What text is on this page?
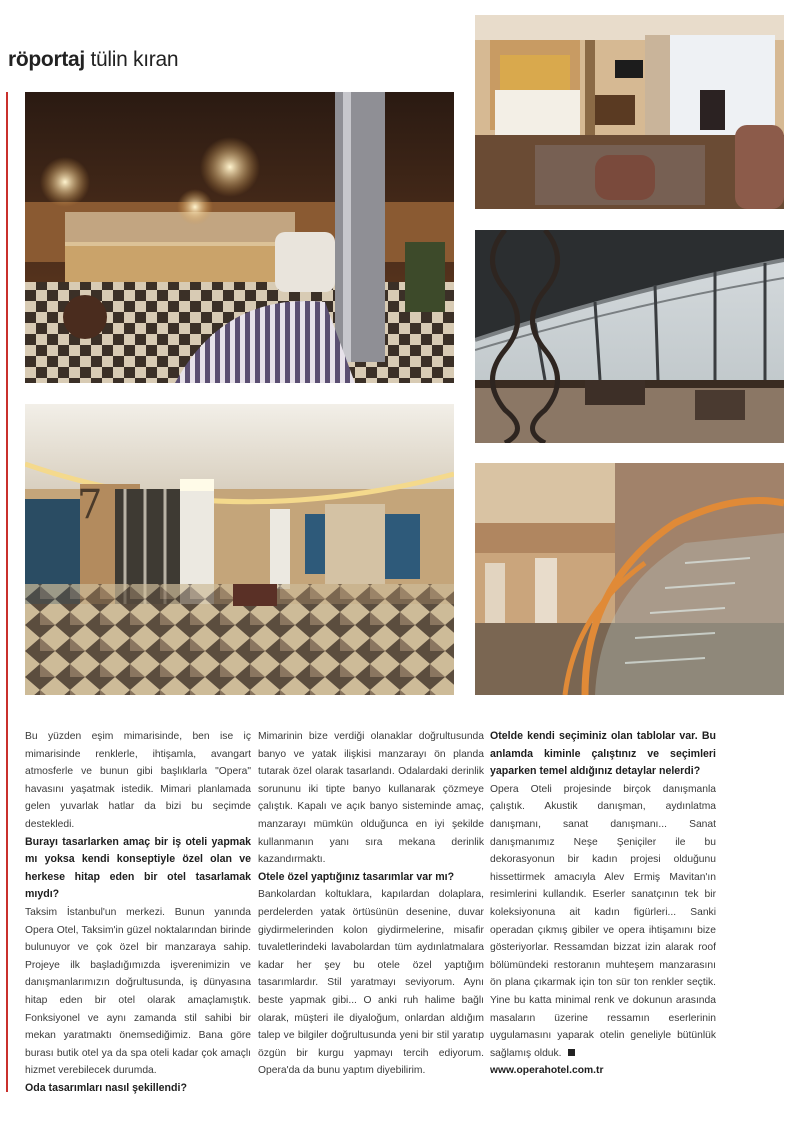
röportaj tülin kıran
7

Bu yüzden eşim mimarisinde, ben ise iç mimarisinde renklerle, ihtişamla, avangart atmosferle ve bunun gibi başlıklarla "Opera" havasını yaşatmak istedik. Mimari planlamada gelen yuvarlak hatlar da bizi bu seçimde destekledi.

Burayı tasarlarken amaç bir iş oteli yapmak mı yoksa kendi konseptiyle özel olan ve herkese hitap eden bir otel tasarlamak mıydı?

Taksim İstanbul'un merkezi. Bunun yanında Opera Otel, Taksim'in güzel noktalarından birinde bulunuyor ve çok özel bir manzaraya sahip. Projeye ilk başladığımızda işverenimizin ve danışmanlarımızın doğrultusunda, iş dünyasına hitap eden bir otel olarak amaçlamıştık. Fonksiyonel ve aynı zamanda stil sahibi bir mekan yaratmaktı önemsediğimiz. Bana göre burası butik otel ya da spa oteli kadar çok amaçlı hizmet verebilecek durumda.

Oda tasarımları nasıl şekillendi?

Mimarinin bize verdiği olanaklar doğrultusunda banyo ve yatak ilişkisi manzarayı ön planda tutarak özel olarak tasarlandı. Odalardaki derinlik sorununu iki tipte banyo kullanarak çözmeye çalıştık. Kapalı ve açık banyo sisteminde amaç, manzarayı mümkün olduğunca en iyi şekilde kullanmanın yanı sıra mekana derinlik kazandırmaktı.

Otele özel yaptığınız tasarımlar var mı?

Bankolardan koltuklara, kapılardan dolaplara, perdelerden yatak örtüsünün desenine, duvar giydirmelerinden kolon giydirmelerine, misafir tuvaletlerindeki lavabolardan tüm aydınlatmalara kadar her şey bu otele özel yaptığım tasarımlardır. Stil yaratmayı seviyorum. Aynı beste yapmak gibi... O anki ruh halime bağlı olarak, müşteri ile diyaloğum, onlardan aldığım talep ve bilgiler doğrultusunda yeni bir stil yaratıp özgün bir kurgu yapmayı tercih ediyorum. Opera'da da bunu yaptım diyebilirim.

Otelde kendi seçiminiz olan tablolar var. Bu anlamda kiminle çalıştınız ve seçimleri yaparken temel aldığınız detaylar nelerdi?

Opera Oteli projesinde birçok danışmanla çalıştık. Akustik danışman, aydınlatma danışmanı, sanat danışmanı... Sanat danışmanımız Neşe Şeniçiler ile bu dekorasyonun bir kadın projesi olduğunu hissettirmek amacıyla Alev Ermiş Mavitan'ın resimlerini kullandık. Eserler sanatçının tek bir koleksiyonuna ait kadın figürleri... Sanki operadan çıkmış gibiler ve opera ihtişamını bize gösteriyorlar. Ressamdan bizzat izin alarak roof bölümündeki restoranın muhteşem manzarasını ön plana çıkarmak için ton sür ton renkler seçtik. Yine bu katta minimal renk ve dokunun arasında masaların üzerine ressamın eserlerinin uygulamasını yaparak otelin geneliyle bütünlük sağlamış olduk.

www.operahotel.com.tr
